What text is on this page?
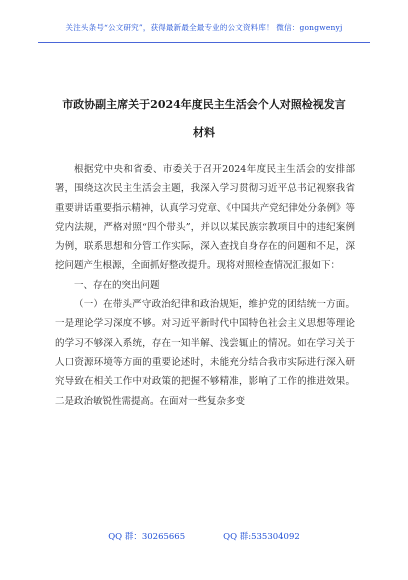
关注头条号“公文研究”，获得最新最全最专业的公文资料库！ 微信：gongwenyj
市政协副主席关于2024年度民主生活会个人对照检视发言
材料

根据党中央和省委、市委关于召开2024年度民主生活会的安排部署，围绕这次民主生活会主题，我深入学习贯彻习近平总书记视察我省重要讲话重要指示精神，认真学习党章、《中国共产党纪律处分条例》等党内法规，严格对照“四个带头”，并以以某民族宗教项目中的违纪案例为例，联系思想和分管工作实际，深入查找自身存在的问题和不足，深挖问题产生根源，全面抓好整改提升。现将对照检查情况汇报如下：

一、存在的突出问题

（一）在带头严守政治纪律和政治规矩，维护党的团结统一方面。一是理论学习深度不够。对习近平新时代中国特色社会主义思想等理论的学习不够深入系统，存在一知半解、浅尝辄止的情况。如在学习关于人口资源环境等方面的重要论述时，未能充分结合我市实际进行深入研究导致在相关工作中对政策的把握不够精准，影响了工作的推进效果。二是政治敏锐性需提高。在面对一些复杂多变

QQ 群：30265665	QQ 群:535304092
